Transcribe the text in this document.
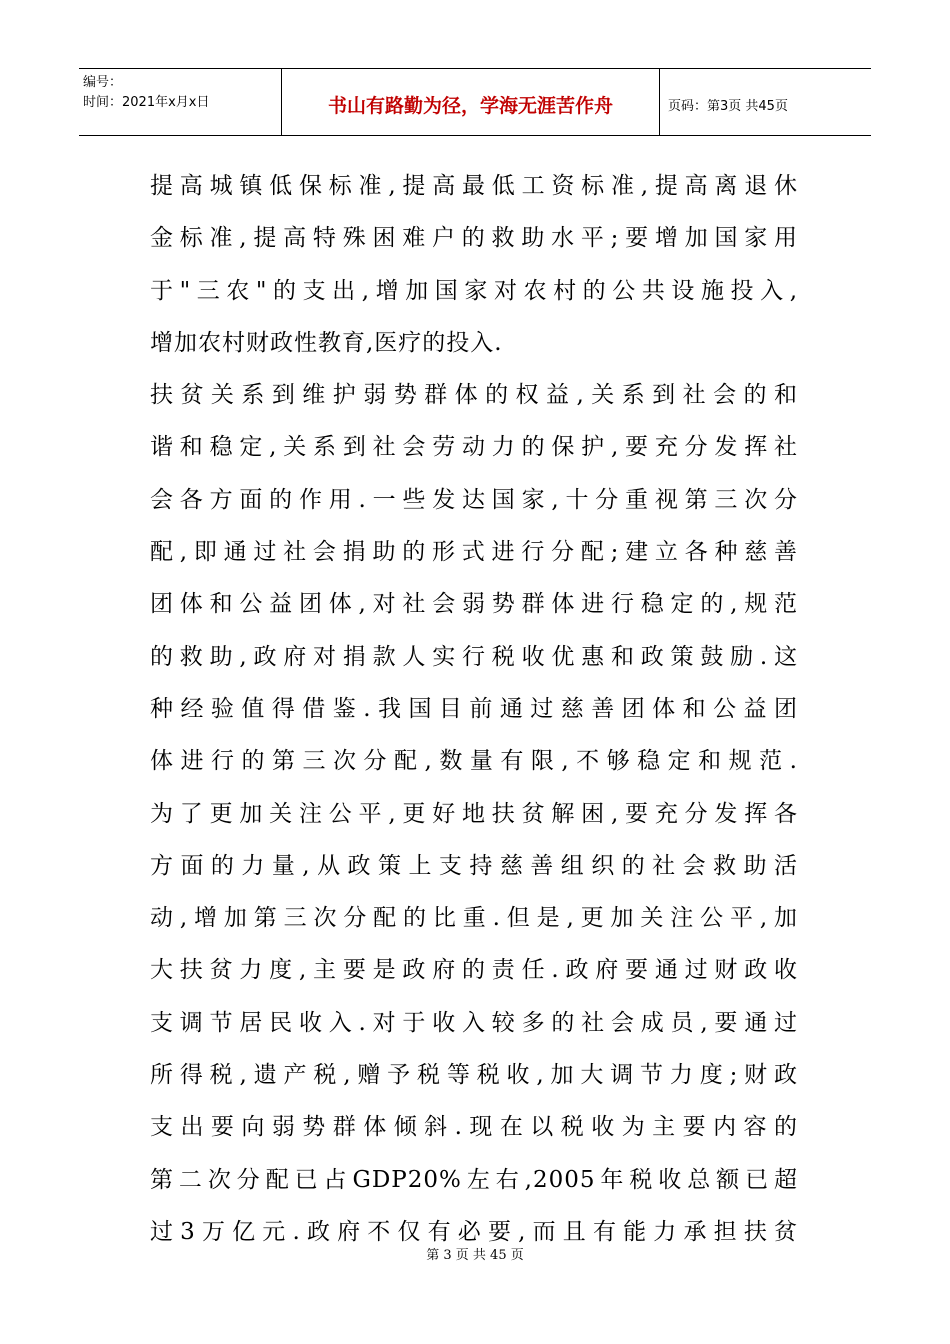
编号：
时间：2021年x月x日	书山有路勤为径，学海无涯苦作舟	页码：第3页 共45页
提高城镇低保标准,提高最低工资标准,提高离退休
金标准,提高特殊困难户的救助水平;要增加国家用
于"三农"的支出,增加国家对农村的公共设施投入,
增加农村财政性教育,医疗的投入.
扶贫关系到维护弱势群体的权益,关系到社会的和
谐和稳定,关系到社会劳动力的保护,要充分发挥社
会各方面的作用.一些发达国家,十分重视第三次分
配,即通过社会捐助的形式进行分配;建立各种慈善
团体和公益团体,对社会弱势群体进行稳定的,规范
的救助,政府对捐款人实行税收优惠和政策鼓励.这
种经验值得借鉴.我国目前通过慈善团体和公益团
体进行的第三次分配,数量有限,不够稳定和规范.
为了更加关注公平,更好地扶贫解困,要充分发挥各
方面的力量,从政策上支持慈善组织的社会救助活
动,增加第三次分配的比重.但是,更加关注公平,加
大扶贫力度,主要是政府的责任.政府要通过财政收
支调节居民收入.对于收入较多的社会成员,要通过
所得税,遗产税,赠予税等税收,加大调节力度;财政
支出要向弱势群体倾斜.现在以税收为主要内容的
第二次分配已占GDP20%左右,2005年税收总额已超
过3万亿元.政府不仅有必要,而且有能力承担扶贫
第 3 页 共 45 页
